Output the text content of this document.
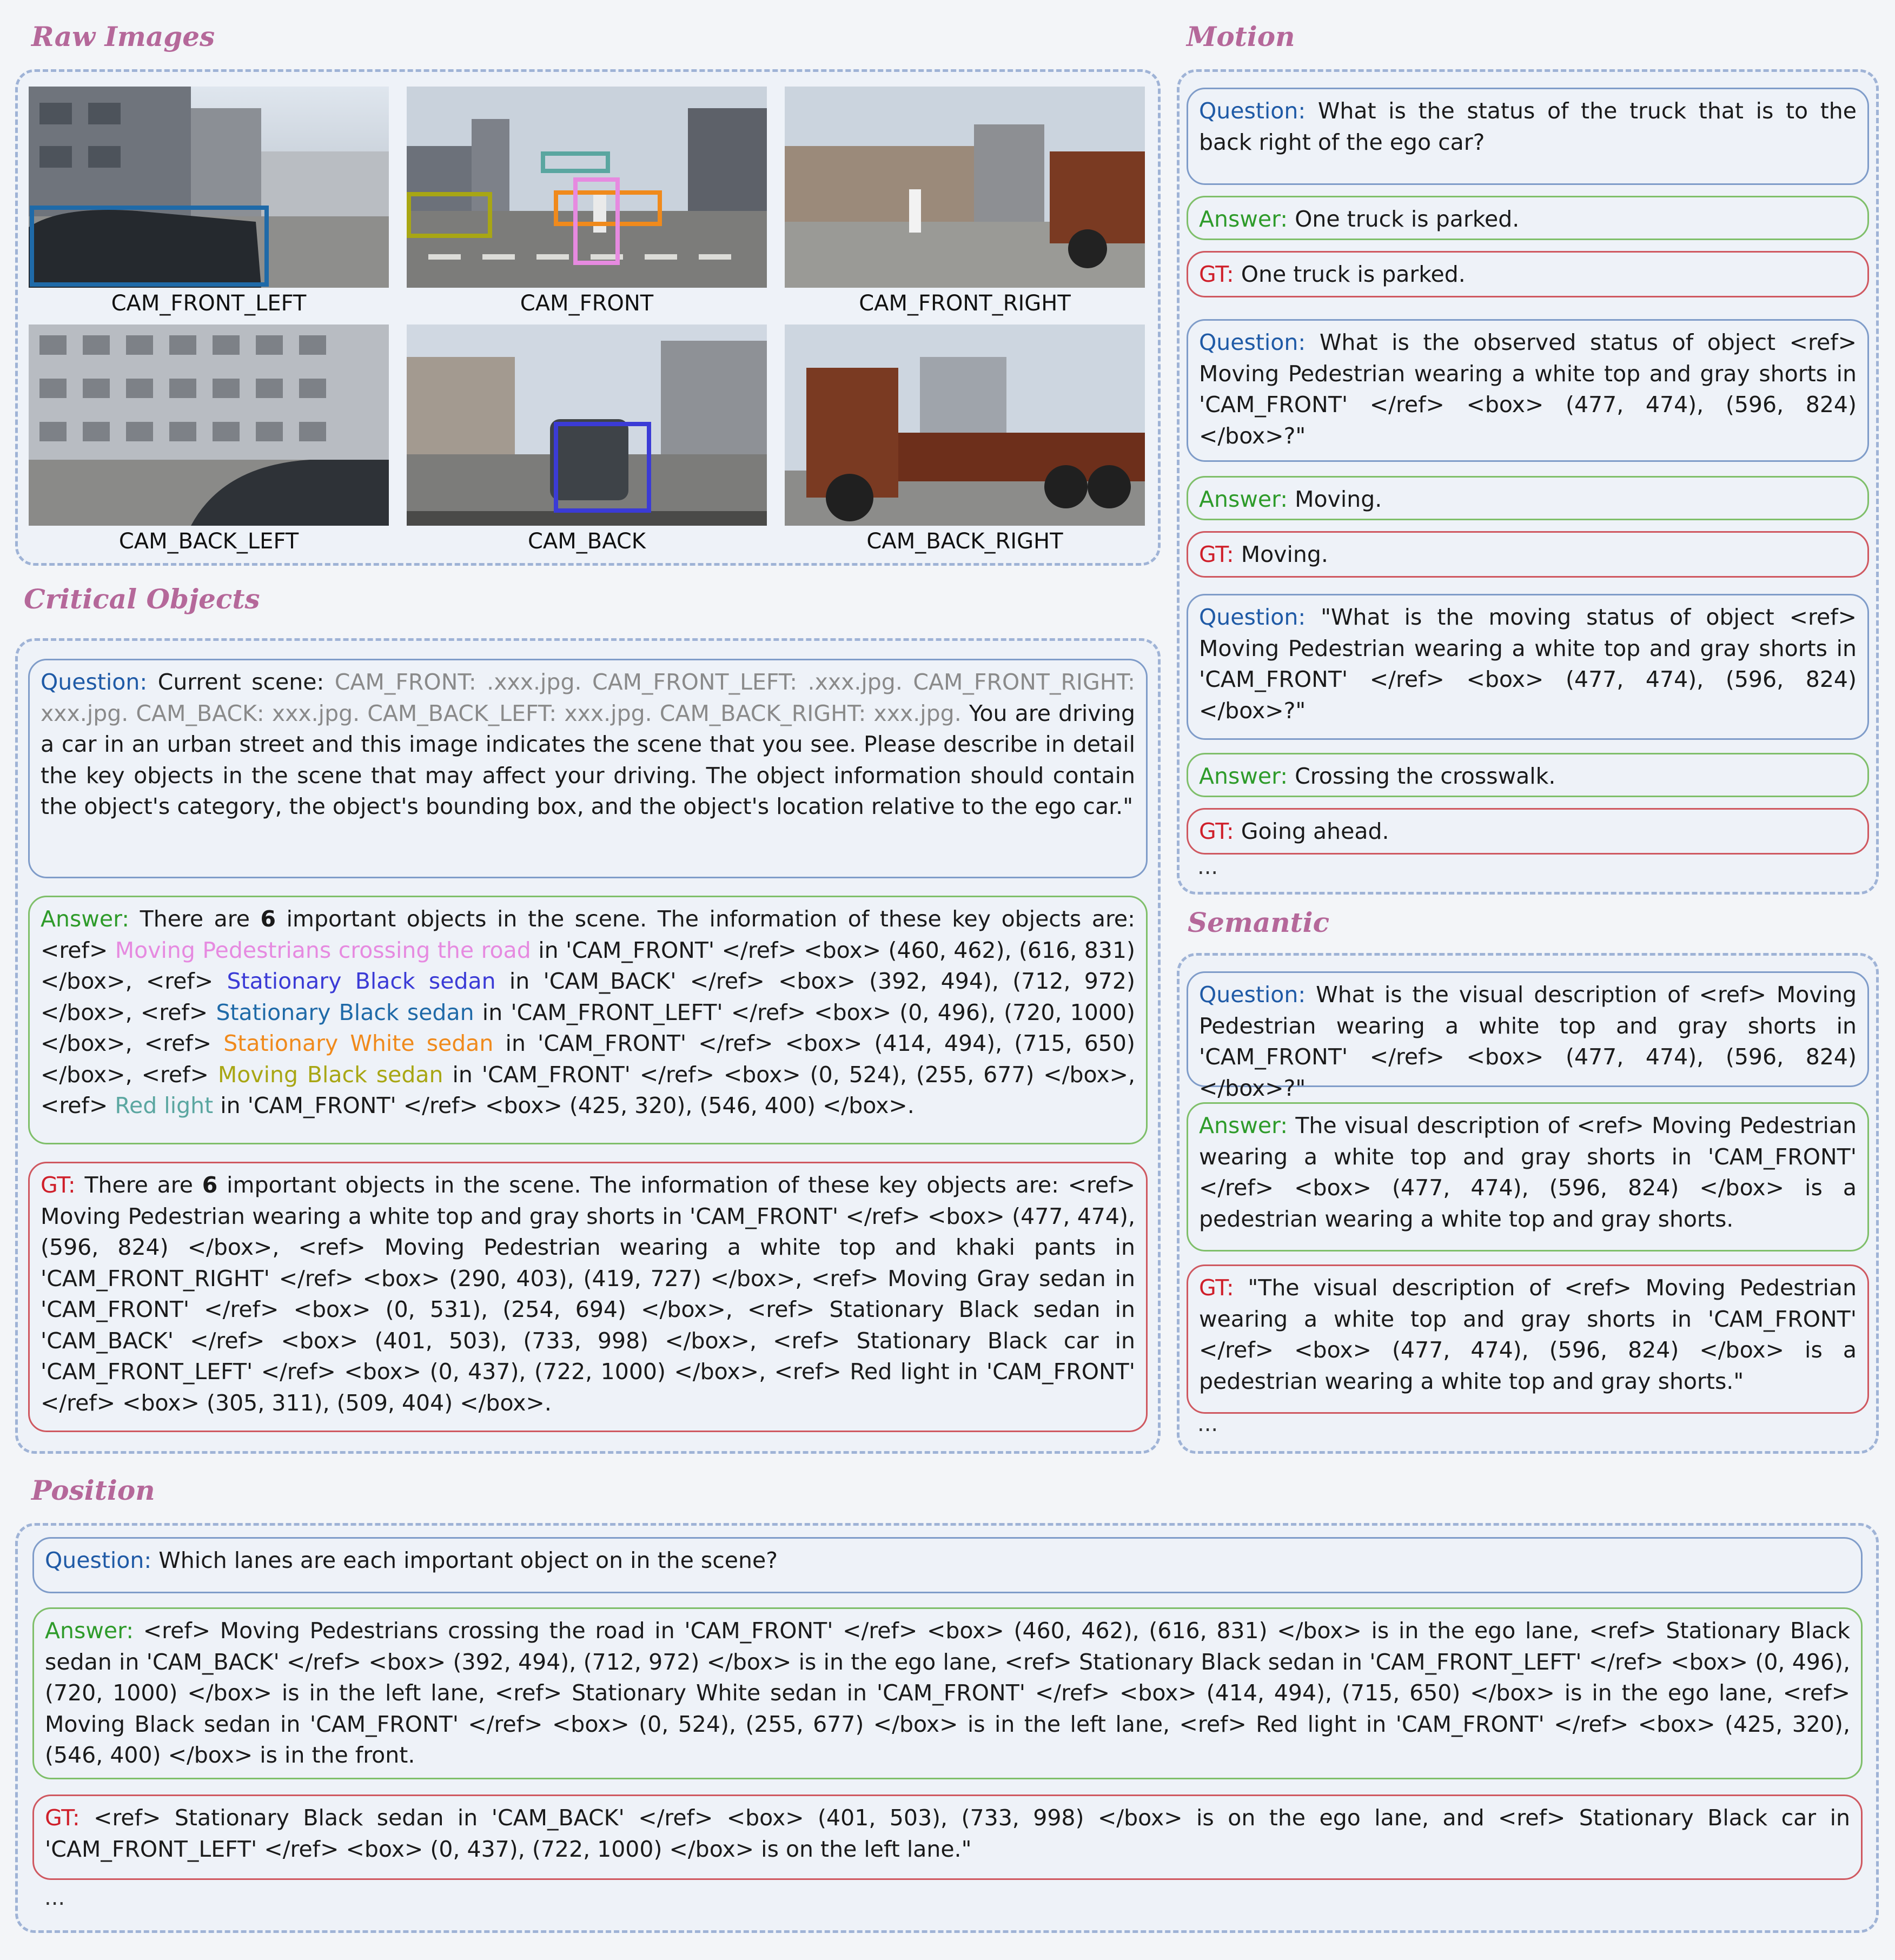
Raw Images
CAM_FRONT_LEFT	CAM_FRONT	CAM_FRONT_RIGHT
CAM_BACK_LEFT	CAM_BACK	CAM_BACK_RIGHT
Critical Objects
Question: Current scene: CAM_FRONT: .xxx.jpg. CAM_FRONT_LEFT: .xxx.jpg. CAM_FRONT_RIGHT: xxx.jpg. CAM_BACK: xxx.jpg. CAM_BACK_LEFT: xxx.jpg. CAM_BACK_RIGHT: xxx.jpg. You are driving a car in an urban street and this image indicates the scene that you see. Please describe in detail the key objects in the scene that may affect your driving. The object information should contain the object's category, the object's bounding box, and the object's location relative to the ego car."
Answer: There are 6 important objects in the scene. The information of these key objects are: <ref> Moving Pedestrians crossing the road in 'CAM_FRONT' </ref> <box> (460, 462), (616, 831) </box>, <ref> Stationary Black sedan in 'CAM_BACK' </ref> <box> (392, 494), (712, 972) </box>, <ref> Stationary Black sedan in 'CAM_FRONT_LEFT' </ref> <box> (0, 496), (720, 1000) </box>, <ref> Stationary White sedan in 'CAM_FRONT' </ref> <box> (414, 494), (715, 650) </box>, <ref> Moving Black sedan in 'CAM_FRONT' </ref> <box> (0, 524), (255, 677) </box>, <ref> Red light in 'CAM_FRONT' </ref> <box> (425, 320), (546, 400) </box>.
GT: There are 6 important objects in the scene. The information of these key objects are: <ref> Moving Pedestrian wearing a white top and gray shorts in 'CAM_FRONT' </ref> <box> (477, 474), (596, 824) </box>, <ref> Moving Pedestrian wearing a white top and khaki pants in 'CAM_FRONT_RIGHT' </ref> <box> (290, 403), (419, 727) </box>, <ref> Moving Gray sedan in 'CAM_FRONT' </ref> <box> (0, 531), (254, 694) </box>, <ref> Stationary Black sedan in 'CAM_BACK' </ref> <box> (401, 503), (733, 998) </box>, <ref> Stationary Black car in 'CAM_FRONT_LEFT' </ref> <box> (0, 437), (722, 1000) </box>, <ref> Red light in 'CAM_FRONT' </ref> <box> (305, 311), (509, 404) </box>.
Motion
Question: What is the status of the truck that is to the back right of the ego car?
Answer: One truck is parked.
GT: One truck is parked.
Question: What is the observed status of object <ref> Moving Pedestrian wearing a white top and gray shorts in 'CAM_FRONT' </ref> <box> (477, 474), (596, 824) </box>?"
Answer: Moving.
GT: Moving.
Question: "What is the moving status of object <ref> Moving Pedestrian wearing a white top and gray shorts in 'CAM_FRONT' </ref> <box> (477, 474), (596, 824) </box>?"
Answer: Crossing the crosswalk.
GT: Going ahead.
...
Semantic
Question: What is the visual description of <ref> Moving Pedestrian wearing a white top and gray shorts in 'CAM_FRONT' </ref> <box> (477, 474), (596, 824) </box>?"
Answer: The visual description of <ref> Moving Pedestrian wearing a white top and gray shorts in 'CAM_FRONT' </ref> <box> (477, 474), (596, 824) </box> is a pedestrian wearing a white top and gray shorts.
GT: "The visual description of <ref> Moving Pedestrian wearing a white top and gray shorts in 'CAM_FRONT' </ref> <box> (477, 474), (596, 824) </box> is a pedestrian wearing a white top and gray shorts."
...
Position
Question: Which lanes are each important object on in the scene?
Answer: <ref> Moving Pedestrians crossing the road in 'CAM_FRONT' </ref> <box> (460, 462), (616, 831) </box> is in the ego lane, <ref> Stationary Black sedan in 'CAM_BACK' </ref> <box> (392, 494), (712, 972) </box> is in the ego lane, <ref> Stationary Black sedan in 'CAM_FRONT_LEFT' </ref> <box> (0, 496), (720, 1000) </box> is in the left lane, <ref> Stationary White sedan in 'CAM_FRONT' </ref> <box> (414, 494), (715, 650) </box> is in the ego lane, <ref> Moving Black sedan in 'CAM_FRONT' </ref> <box> (0, 524), (255, 677) </box> is in the left lane, <ref> Red light in 'CAM_FRONT' </ref> <box> (425, 320), (546, 400) </box> is in the front.
GT: <ref> Stationary Black sedan in 'CAM_BACK' </ref> <box> (401, 503), (733, 998) </box> is on the ego lane, and <ref> Stationary Black car in 'CAM_FRONT_LEFT' </ref> <box> (0, 437), (722, 1000) </box> is on the left lane."
...
